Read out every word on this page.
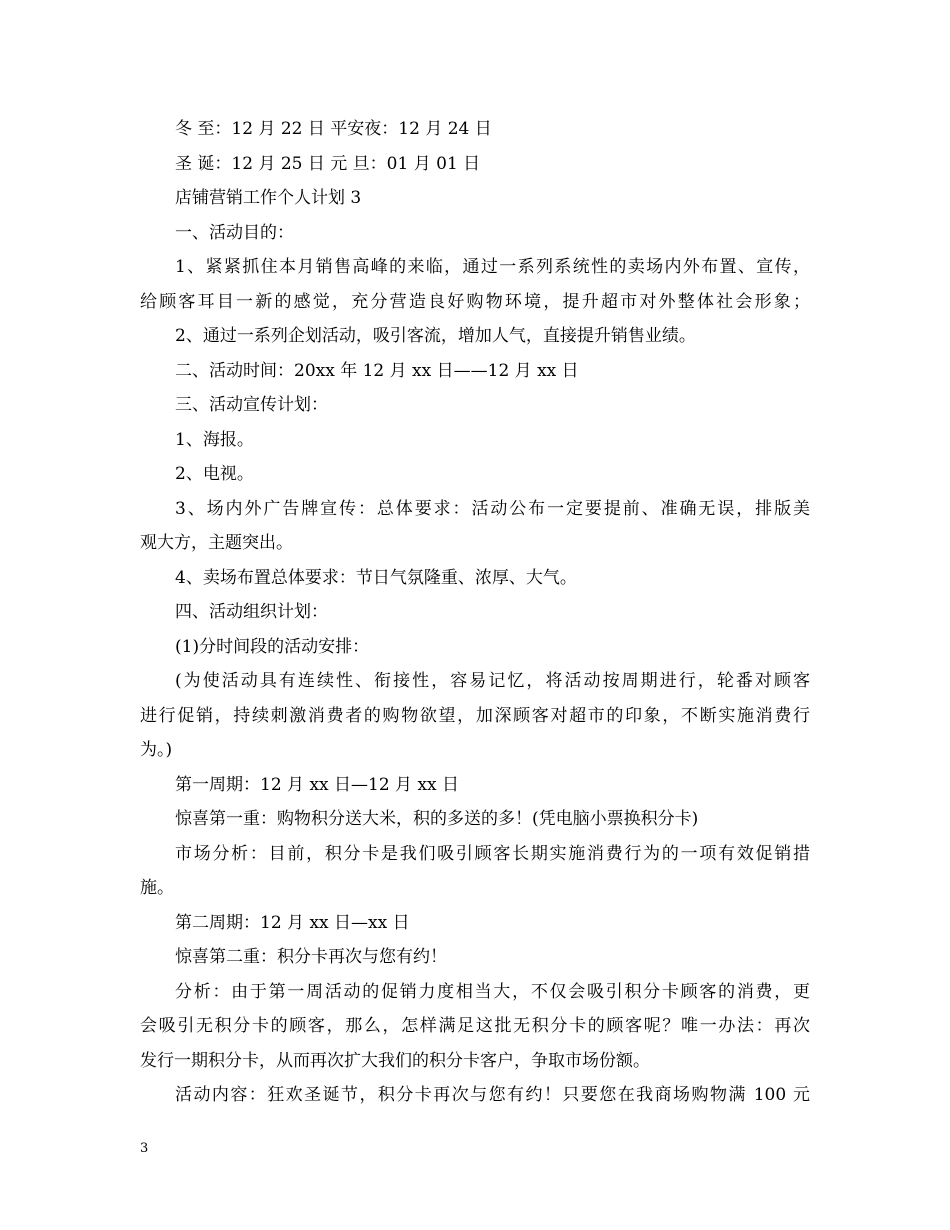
冬 至：12 月 22 日 平安夜：12 月 24 日
圣 诞：12 月 25 日 元 旦：01 月 01 日
店铺营销工作个人计划 3
一、活动目的：
1、紧紧抓住本月销售高峰的来临，通过一系列系统性的卖场内外布置、宣传，
给顾客耳目一新的感觉，充分营造良好购物环境，提升超市对外整体社会形象；
2、通过一系列企划活动，吸引客流，增加人气，直接提升销售业绩。
二、活动时间：20xx 年 12 月 xx 日——12 月 xx 日
三、活动宣传计划：
1、海报。
2、电视。
3、场内外广告牌宣传：总体要求：活动公布一定要提前、准确无误，排版美
观大方，主题突出。
4、卖场布置总体要求：节日气氛隆重、浓厚、大气。
四、活动组织计划：
(1)分时间段的活动安排：
(为使活动具有连续性、衔接性，容易记忆，将活动按周期进行，轮番对顾客
进行促销，持续刺激消费者的购物欲望，加深顾客对超市的印象，不断实施消费行
为。)
第一周期：12 月 xx 日—12 月 xx 日
惊喜第一重：购物积分送大米，积的多送的多！(凭电脑小票换积分卡)
市场分析：目前，积分卡是我们吸引顾客长期实施消费行为的一项有效促销措
施。
第二周期：12 月 xx 日—xx 日
惊喜第二重：积分卡再次与您有约！
分析：由于第一周活动的促销力度相当大，不仅会吸引积分卡顾客的消费，更
会吸引无积分卡的顾客，那么，怎样满足这批无积分卡的顾客呢？唯一办法：再次
发行一期积分卡，从而再次扩大我们的积分卡客户，争取市场份额。
活动内容：狂欢圣诞节，积分卡再次与您有约！只要您在我商场购物满 100 元
3
